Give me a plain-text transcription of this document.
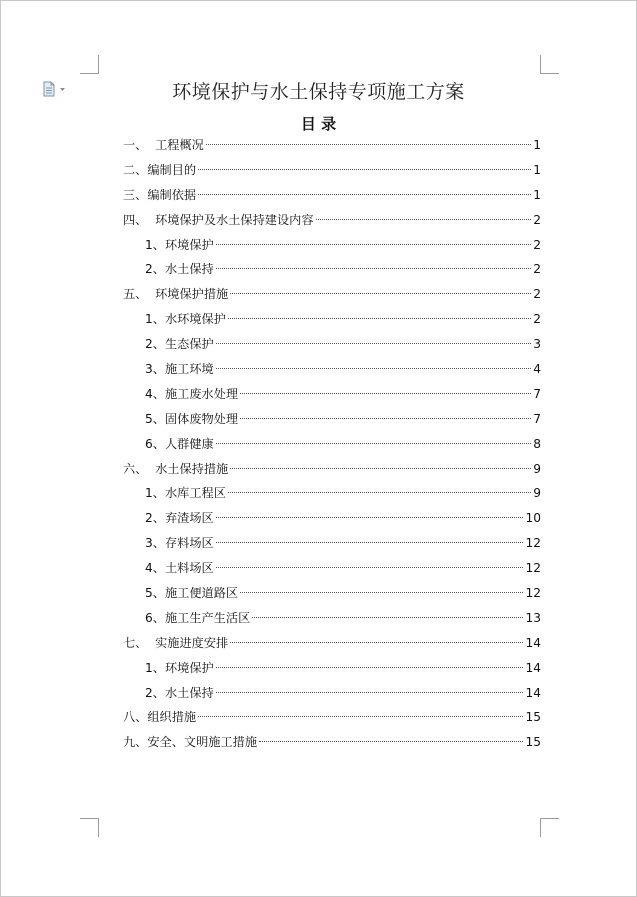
环境保护与水土保持专项施工方案
目 录
一、  工程概况	1
二、编制目的	1
三、编制依据	1
四、  环境保护及水土保持建设内容	2
1、环境保护	2
2、水土保持	2
五、  环境保护措施	2
1、水环境保护	2
2、生态保护	3
3、施工环境	4
4、施工废水处理	7
5、固体废物处理	7
6、人群健康	8
六、  水土保持措施	9
1、水库工程区	9
2、弃渣场区	10
3、存料场区	12
4、土料场区	12
5、施工便道路区	12
6、施工生产生活区	13
七、  实施进度安排	14
1、环境保护	14
2、水土保持	14
八、组织措施	15
九、安全、文明施工措施	15
